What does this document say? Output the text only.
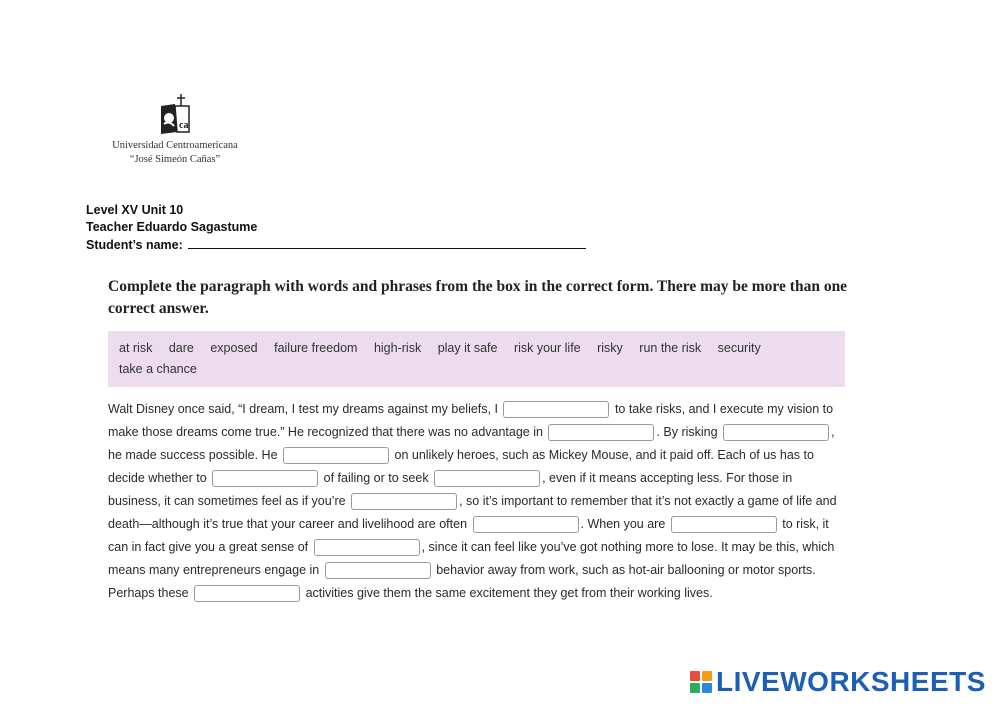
ca
Universidad Centroamericana
“José Simeón Cañas”
Level XV Unit 10
Teacher Eduardo Sagastume
Student’s name:
Complete the paragraph with words and phrases from the box in the correct form. There may be more than one correct answer.
at risk dare exposed failure freedom high-risk play it safe risk your life risky run the risk security take a chance
Walt Disney once said, “I dream, I test my dreams against my beliefs, I	to take risks, and I execute my vision to make those dreams come true.” He recognized that there was no advantage in	. By risking	, he made success possible. He	on unlikely heroes, such as Mickey Mouse, and it paid off. Each of us has to decide whether to	of failing or to seek	, even if it means accepting less. For those in business, it can sometimes feel as if you’re	, so it’s important to remember that it’s not exactly a game of life and death—although it’s true that your career and livelihood are often	. When you are	to risk, it can in fact give you a great sense of	, since it can feel like you’ve got nothing more to lose. It may be this, which means many entrepreneurs engage in	behavior away from work, such as hot-air ballooning or motor sports. Perhaps these	activities give them the same excitement they get from their working lives.
LIVEWORKSHEETS
